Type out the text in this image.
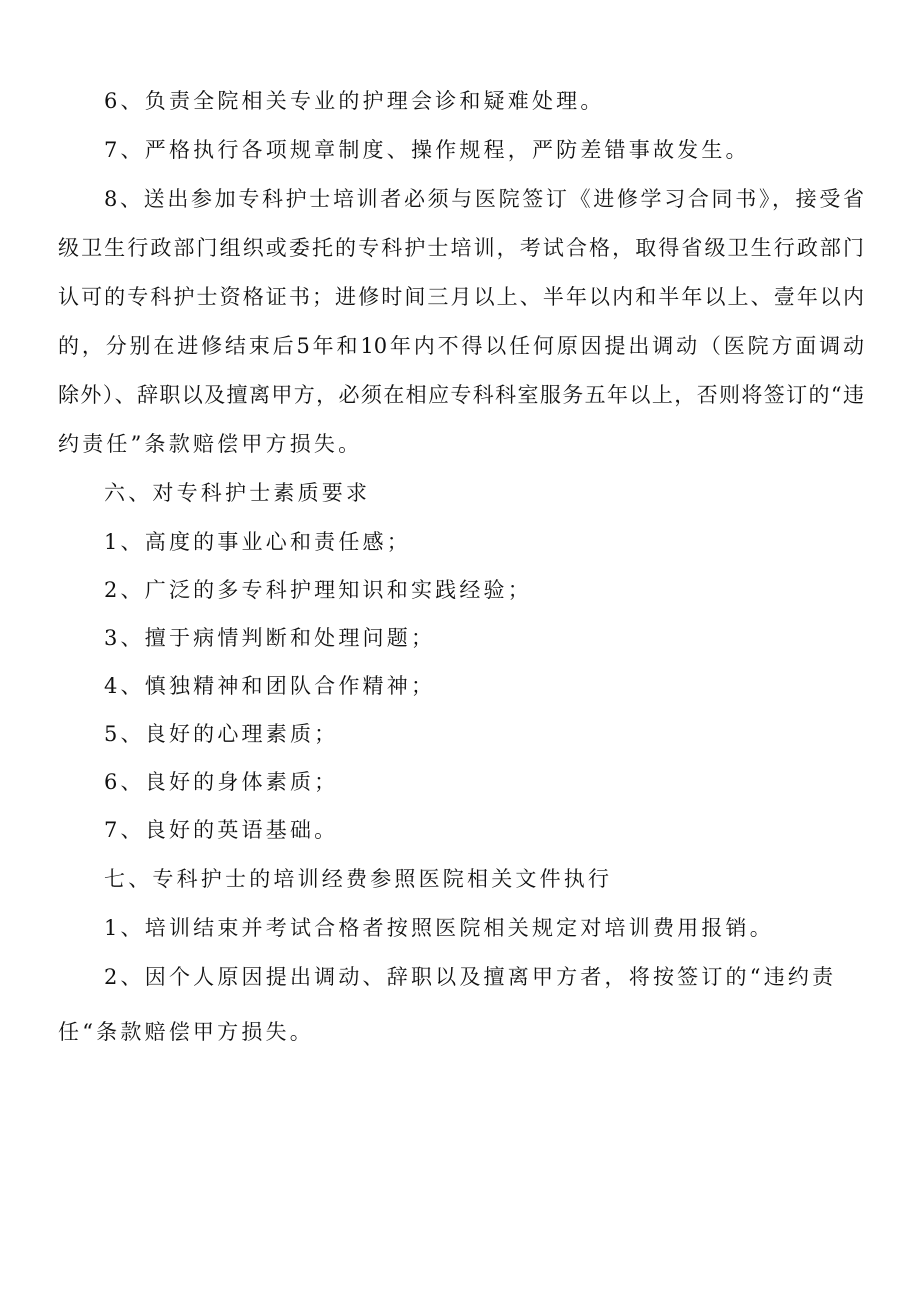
6、负责全院相关专业的护理会诊和疑难处理。
7、严格执行各项规章制度、操作规程，严防差错事故发生。
8、送出参加专科护士培训者必须与医院签订《进修学习合同书》，接受省
级卫生行政部门组织或委托的专科护士培训，考试合格，取得省级卫生行政部门
认可的专科护士资格证书；进修时间三月以上、半年以内和半年以上、壹年以内
的，分别在进修结束后5年和10年内不得以任何原因提出调动（医院方面调动
除外）、辞职以及擅离甲方，必须在相应专科科室服务五年以上，否则将签订的“违
约责任”条款赔偿甲方损失。
六、对专科护士素质要求
1、高度的事业心和责任感；
2、广泛的多专科护理知识和实践经验；
3、擅于病情判断和处理问题；
4、慎独精神和团队合作精神；
5、良好的心理素质；
6、良好的身体素质；
7、良好的英语基础。
七、专科护士的培训经费参照医院相关文件执行
1、培训结束并考试合格者按照医院相关规定对培训费用报销。
2、因个人原因提出调动、辞职以及擅离甲方者，将按签订的“违约责
任“条款赔偿甲方损失。
